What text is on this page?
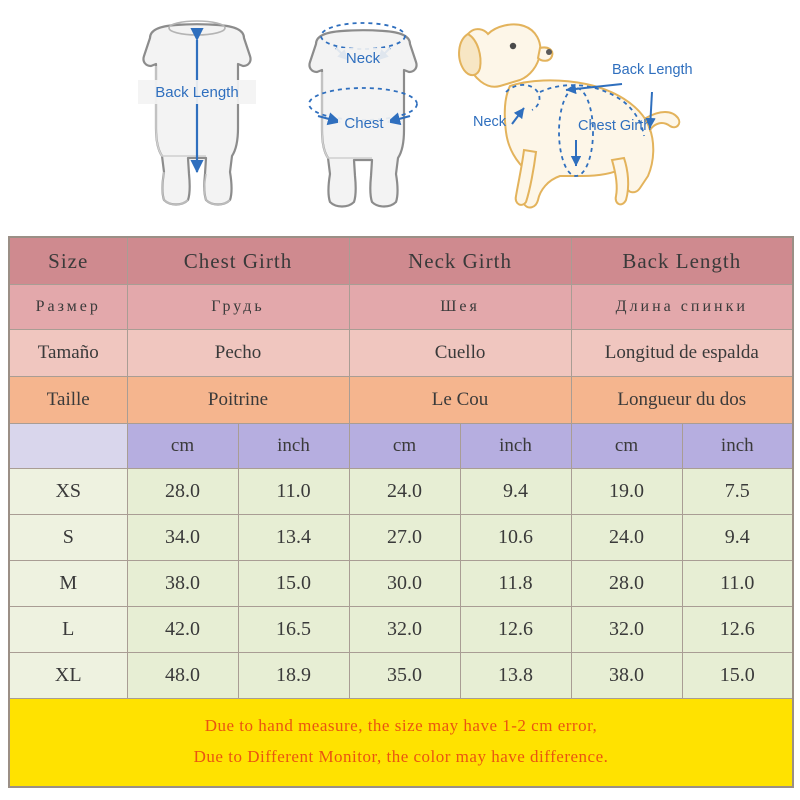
Back Length
Neck
Chest
Back Length
Neck	Chest Girth
Size	Chest Girth		Neck Girth		Back Length	
Размер	Грудь		Шея		Длина спинки	
Tamaño	Pecho		Cuello		Longitud de espalda	
Taille	Poitrine		Le Cou		Longueur du dos	
	cm	inch	cm	inch	cm	inch
XS	28.0	11.0	24.0	9.4	19.0	7.5
S	34.0	13.4	27.0	10.6	24.0	9.4
M	38.0	15.0	30.0	11.8	28.0	11.0
L	42.0	16.5	32.0	12.6	32.0	12.6
XL	48.0	18.9	35.0	13.8	38.0	15.0

Due to hand measure, the size may have 1-2 cm error,
Due to Different Monitor, the color may have difference.						
